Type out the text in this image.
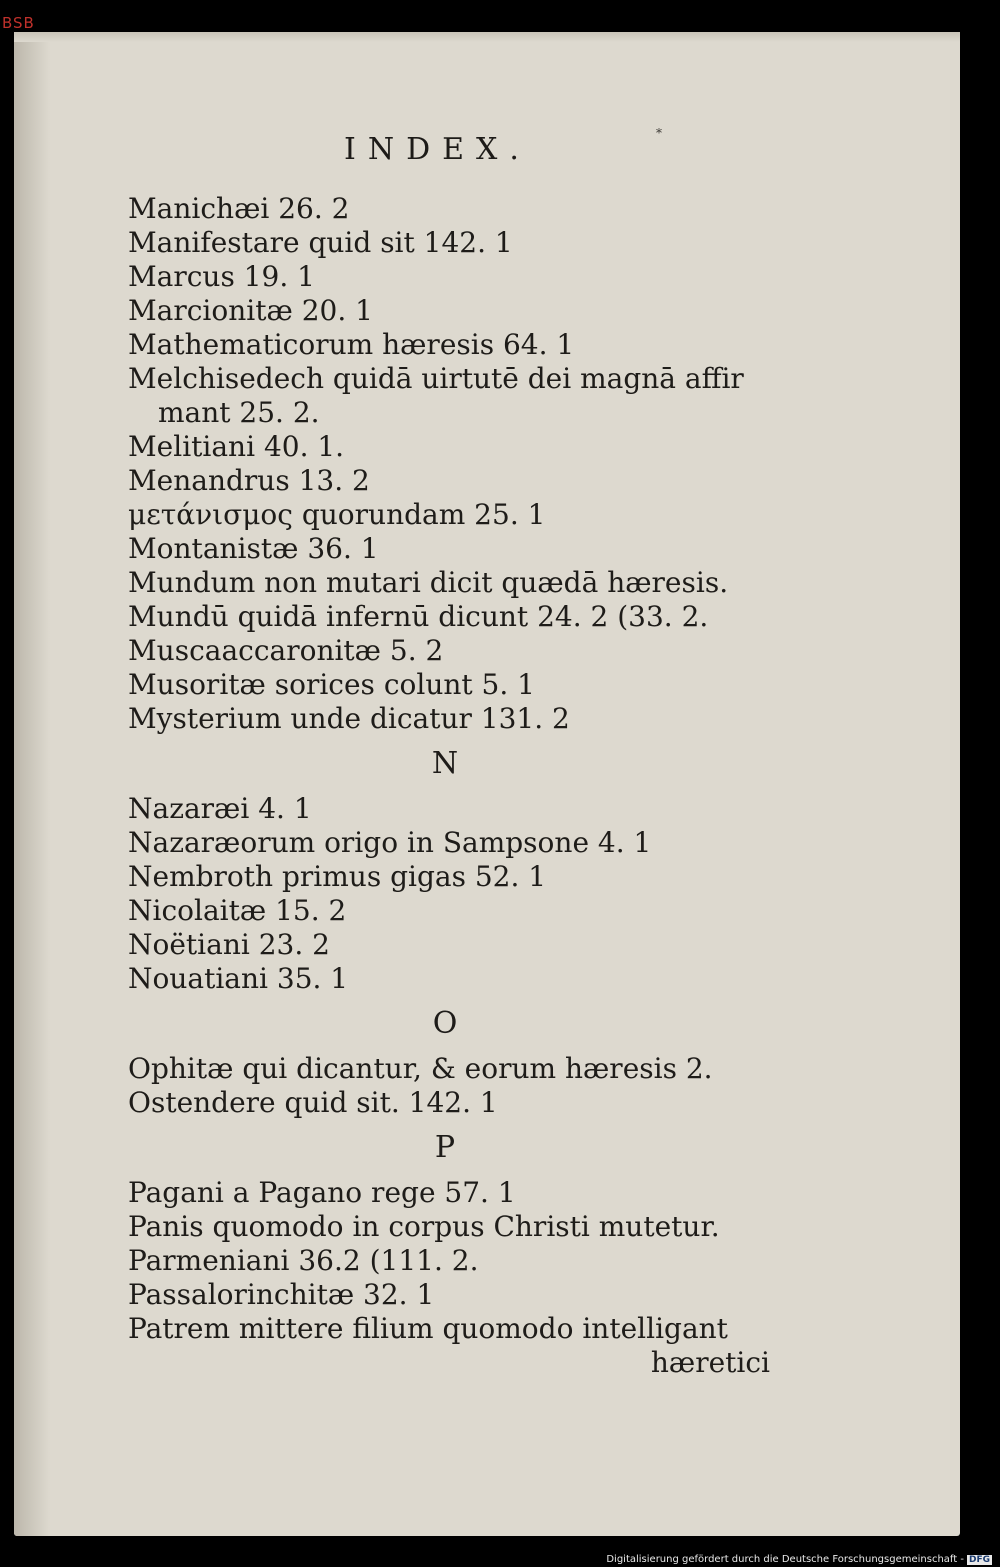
INDEX.	*
Manichæi 26. 2
Manifestare quid sit 142. 1
Marcus 19. 1
Marcionitæ 20. 1
Mathematicorum hæresis 64. 1
Melchisedech quidā uirtutē dei magnā affir
mant 25. 2.
Melitiani 40. 1.
Menandrus 13. 2
μετάνισμος quorundam 25. 1
Montanistæ 36. 1
Mundum non mutari dicit quædā hæresis.
Mundū quidā infernū dicunt 24. 2 (33. 2.
Muscaaccaronitæ 5. 2
Musoritæ sorices colunt 5. 1
Mysterium unde dicatur 131. 2
N
Nazaræi 4. 1
Nazaræorum origo in Sampsone 4. 1
Nembroth primus gigas 52. 1
Nicolaitæ 15. 2
Noëtiani 23. 2
Nouatiani 35. 1
O
Ophitæ qui dicantur, & eorum hæresis 2.
Ostendere quid sit. 142. 1
P
Pagani a Pagano rege 57. 1
Panis quomodo in corpus Christi mutetur.
Parmeniani 36.2 (111. 2.
Passalorinchitæ 32. 1
Patrem mittere filium quomodo intelligant
hæretici
BSB
Digitalisierung gefördert durch die Deutsche Forschungsgemeinschaft - DFG
